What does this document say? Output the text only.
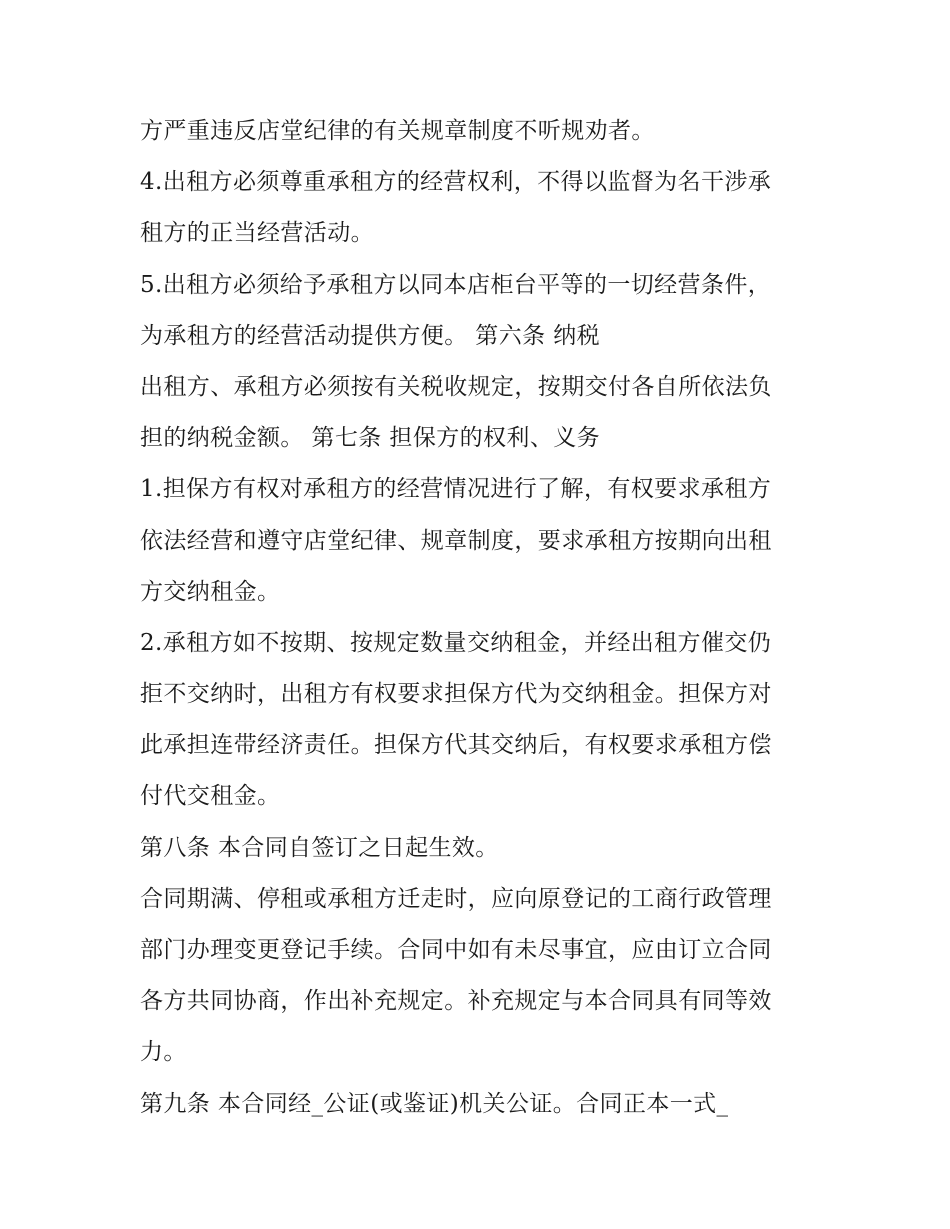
方严重违反店堂纪律的有关规章制度不听规劝者。
4.出租方必须尊重承租方的经营权利，不得以监督为名干涉承
租方的正当经营活动。
5.出租方必须给予承租方以同本店柜台平等的一切经营条件，
为承租方的经营活动提供方便。 第六条 纳税
出租方、承租方必须按有关税收规定，按期交付各自所依法负
担的纳税金额。 第七条 担保方的权利、义务
1.担保方有权对承租方的经营情况进行了解，有权要求承租方
依法经营和遵守店堂纪律、规章制度，要求承租方按期向出租
方交纳租金。
2.承租方如不按期、按规定数量交纳租金，并经出租方催交仍
拒不交纳时，出租方有权要求担保方代为交纳租金。担保方对
此承担连带经济责任。担保方代其交纳后，有权要求承租方偿
付代交租金。
第八条 本合同自签订之日起生效。
合同期满、停租或承租方迁走时，应向原登记的工商行政管理
部门办理变更登记手续。合同中如有未尽事宜，应由订立合同
各方共同协商，作出补充规定。补充规定与本合同具有同等效
力。
第九条 本合同经_公证(或鉴证)机关公证。合同正本一式_
